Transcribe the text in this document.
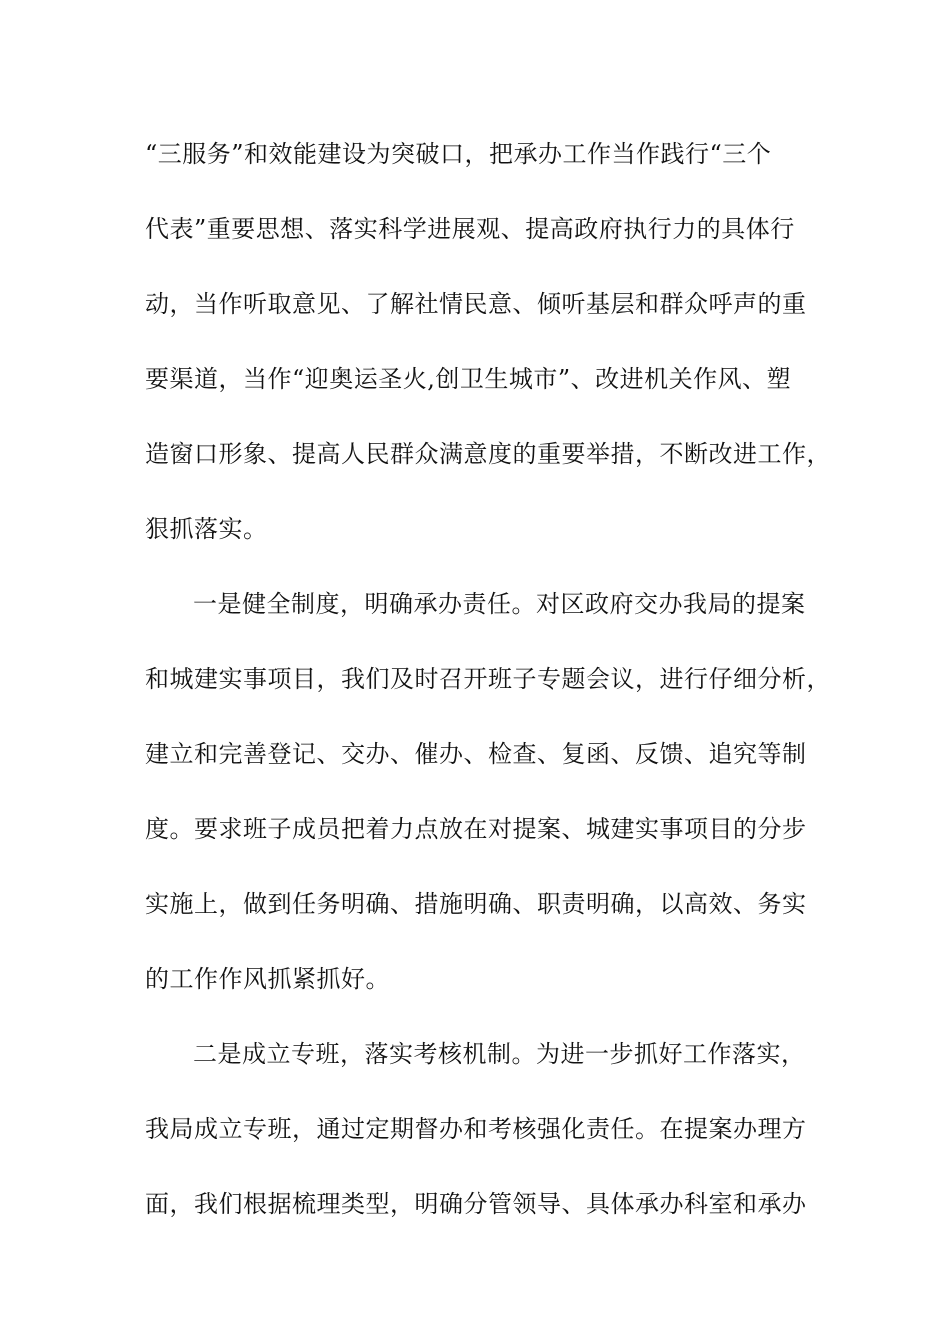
“三服务”和效能建设为突破口，把承办工作当作践行“三个
代表”重要思想、落实科学进展观、提高政府执行力的具体行
动，当作听取意见、了解社情民意、倾听基层和群众呼声的重
要渠道，当作“迎奥运圣火,创卫生城市”、改进机关作风、塑
造窗口形象、提高人民群众满意度的重要举措，不断改进工作，
狠抓落实。
一是健全制度，明确承办责任。对区政府交办我局的提案
和城建实事项目，我们及时召开班子专题会议，进行仔细分析，
建立和完善登记、交办、催办、检查、复函、反馈、追究等制
度。要求班子成员把着力点放在对提案、城建实事项目的分步
实施上，做到任务明确、措施明确、职责明确，以高效、务实
的工作作风抓紧抓好。
二是成立专班，落实考核机制。为进一步抓好工作落实，
我局成立专班，通过定期督办和考核强化责任。在提案办理方
面，我们根据梳理类型，明确分管领导、具体承办科室和承办
